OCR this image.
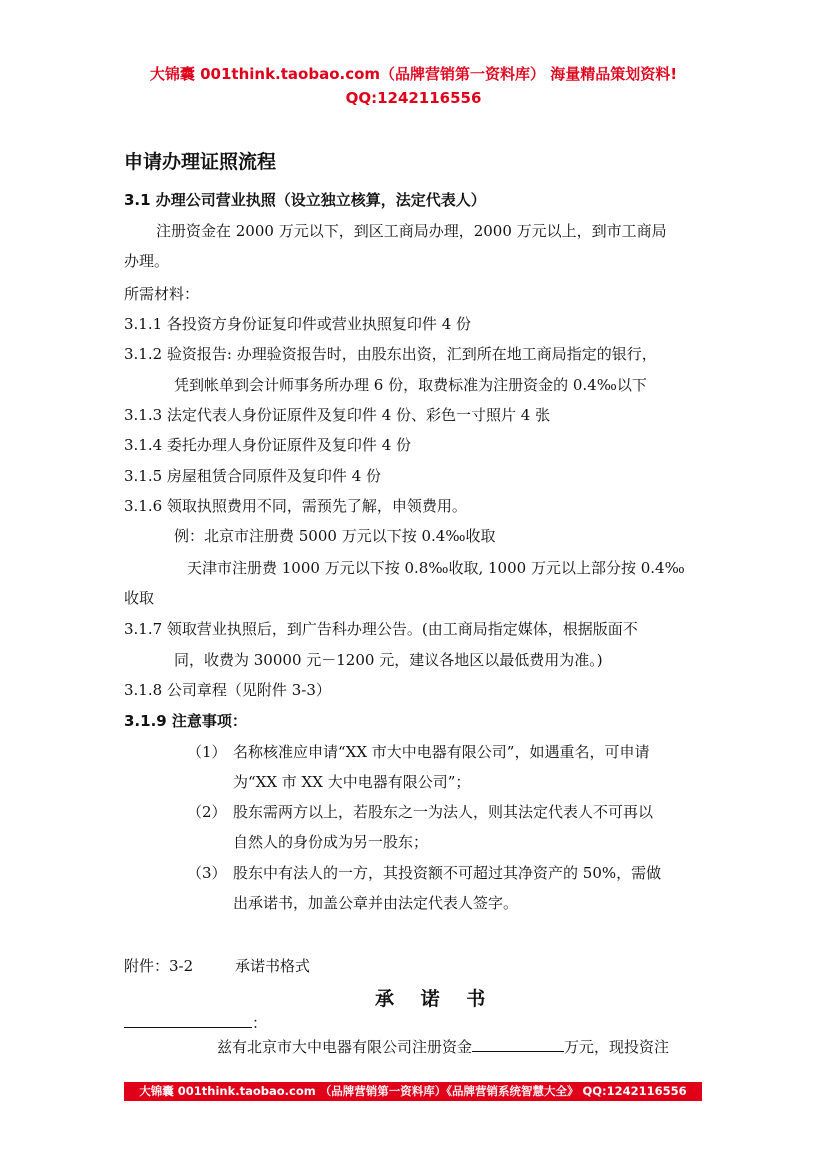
大锦囊 001think.taobao.com（品牌营销第一资料库） 海量精品策划资料!
QQ:1242116556
申请办理证照流程
3.1 办理公司营业执照（设立独立核算，法定代表人）
注册资金在 2000 万元以下，到区工商局办理，2000 万元以上，到市工商局
办理。
所需材料：
3.1.1 各投资方身份证复印件或营业执照复印件 4 份
3.1.2 验资报告: 办理验资报告时，由股东出资，汇到所在地工商局指定的银行，
凭到帐单到会计师事务所办理 6 份，取费标准为注册资金的 0.4‰以下
3.1.3 法定代表人身份证原件及复印件 4 份、彩色一寸照片 4 张
3.1.4 委托办理人身份证原件及复印件 4 份
3.1.5 房屋租赁合同原件及复印件 4 份
3.1.6 领取执照费用不同，需预先了解，申领费用。
例：北京市注册费 5000 万元以下按 0.4‰收取
天津市注册费 1000 万元以下按 0.8‰收取, 1000 万元以上部分按 0.4‰
收取
3.1.7 领取营业执照后，到广告科办理公告。(由工商局指定媒体，根据版面不
同，收费为 30000 元－1200 元，建议各地区以最低费用为准。)
3.1.8 公司章程（见附件 3-3）
3.1.9 注意事项：
（1） 名称核准应申请“XX 市大中电器有限公司”，如遇重名，可申请
为“XX 市 XX 大中电器有限公司”；
（2） 股东需两方以上，若股东之一为法人，则其法定代表人不可再以
自然人的身份成为另一股东；
（3） 股东中有法人的一方，其投资额不可超过其净资产的 50%，需做
出承诺书，加盖公章并由法定代表人签字。
附件：3-2	承诺书格式
承 诺 书
：
兹有北京市大中电器有限公司注册资金	万元，现投资注
大锦囊 001think.taobao.com （品牌营销第一资料库）《品牌营销系统智慧大全》 QQ:1242116556
